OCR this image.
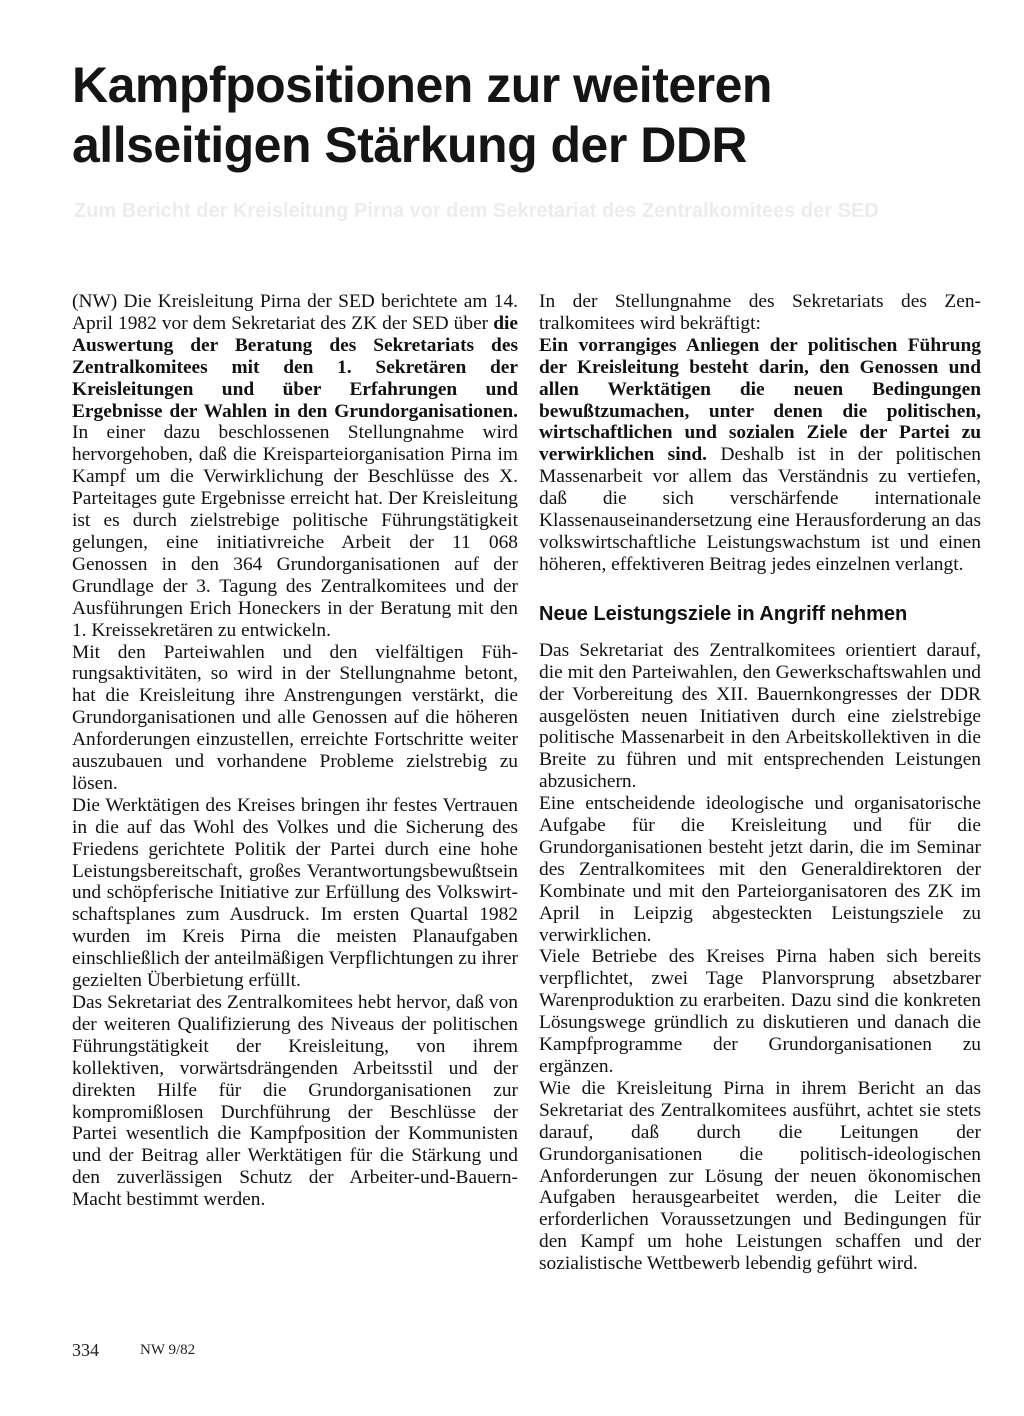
Kampfpositionen zur weiteren allseitigen Stärkung der DDR
Zum Bericht der Kreisleitung Pirna vor dem Sekretariat des Zentralkomitees der SED

(NW) Die Kreisleitung Pirna der SED berichtete am 14. April 1982 vor dem Sekretariat des ZK der SED über die Auswertung der Beratung des Sekretariats des Zentralkomitees mit den 1. Sekretären der Kreisleitungen und über Erfahrungen und Ergebnisse der Wahlen in den Grundorganisationen. In einer dazu beschlossenen Stellungnahme wird hervorgehoben, daß die Kreisparteiorganisation Pirna im Kampf um die Verwirklichung der Beschlüsse des X. Parteitages gute Ergebnisse erreicht hat. Der Kreisleitung ist es durch zielstrebige politische Führungstätigkeit gelungen, eine initiativreiche Arbeit der 11 068 Genossen in den 364 Grundorganisationen auf der Grundlage der 3. Tagung des Zentralkomitees und der Ausführungen Erich Honeckers in der Beratung mit den 1. Kreissekretären zu entwickeln.

Mit den Parteiwahlen und den vielfältigen Führungsaktivitäten, so wird in der Stellungnahme betont, hat die Kreisleitung ihre Anstrengungen verstärkt, die Grundorganisationen und alle Genossen auf die höheren Anforderungen einzustellen, erreichte Fortschritte weiter auszubauen und vorhandene Probleme zielstrebig zu lösen.

Die Werktätigen des Kreises bringen ihr festes Vertrauen in die auf das Wohl des Volkes und die Sicherung des Friedens gerichtete Politik der Partei durch eine hohe Leistungsbereitschaft, großes Verantwortungsbewußtsein und schöpferische Initiative zur Erfüllung des Volkswirtschaftsplanes zum Ausdruck. Im ersten Quartal 1982 wurden im Kreis Pirna die meisten Planaufgaben einschließlich der anteilmäßigen Verpflichtungen zu ihrer gezielten Überbietung erfüllt.

Das Sekretariat des Zentralkomitees hebt hervor, daß von der weiteren Qualifizierung des Niveaus der politischen Führungstätigkeit der Kreisleitung, von ihrem kollektiven, vorwärtsdrängenden Arbeitsstil und der direkten Hilfe für die Grundorganisationen zur kompromißlosen Durchführung der Beschlüsse der Partei wesentlich die Kampfposition der Kommunisten und der Beitrag aller Werktätigen für die Stärkung und den zuverlässigen Schutz der Arbeiter-und-Bauern-Macht bestimmt werden.

In der Stellungnahme des Sekretariats des Zentralkomitees wird bekräftigt:
Ein vorrangiges Anliegen der politischen Führung der Kreisleitung besteht darin, den Genossen und allen Werktätigen die neuen Bedingungen bewußtzumachen, unter denen die politischen, wirtschaftlichen und sozialen Ziele der Partei zu verwirklichen sind. Deshalb ist in der politischen Massenarbeit vor allem das Verständnis zu vertiefen, daß die sich verschärfende internationale Klassenauseinandersetzung eine Herausforderung an das volkswirtschaftliche Leistungswachstum ist und einen höheren, effektiveren Beitrag jedes einzelnen verlangt.

Neue Leistungsziele in Angriff nehmen

Das Sekretariat des Zentralkomitees orientiert darauf, die mit den Parteiwahlen, den Gewerkschaftswahlen und der Vorbereitung des XII. Bauernkongresses der DDR ausgelösten neuen Initiativen durch eine zielstrebige politische Massenarbeit in den Arbeitskollektiven in die Breite zu führen und mit entsprechenden Leistungen abzusichern.

Eine entscheidende ideologische und organisatorische Aufgabe für die Kreisleitung und für die Grundorganisationen besteht jetzt darin, die im Seminar des Zentralkomitees mit den Generaldirektoren der Kombinate und mit den Parteiorganisatoren des ZK im April in Leipzig abgesteckten Leistungsziele zu verwirklichen.

Viele Betriebe des Kreises Pirna haben sich bereits verpflichtet, zwei Tage Planvorsprung absetzbarer Warenproduktion zu erarbeiten. Dazu sind die konkreten Lösungswege gründlich zu diskutieren und danach die Kampfprogramme der Grundorganisationen zu ergänzen.

Wie die Kreisleitung Pirna in ihrem Bericht an das Sekretariat des Zentralkomitees ausführt, achtet sie stets darauf, daß durch die Leitungen der Grundorganisationen die politisch-ideologischen Anforderungen zur Lösung der neuen ökonomischen Aufgaben herausgearbeitet werden, die Leiter die erforderlichen Voraussetzungen und Bedingungen für den Kampf um hohe Leistungen schaffen und der sozialistische Wettbewerb lebendig geführt wird.

334	NW 9/82
